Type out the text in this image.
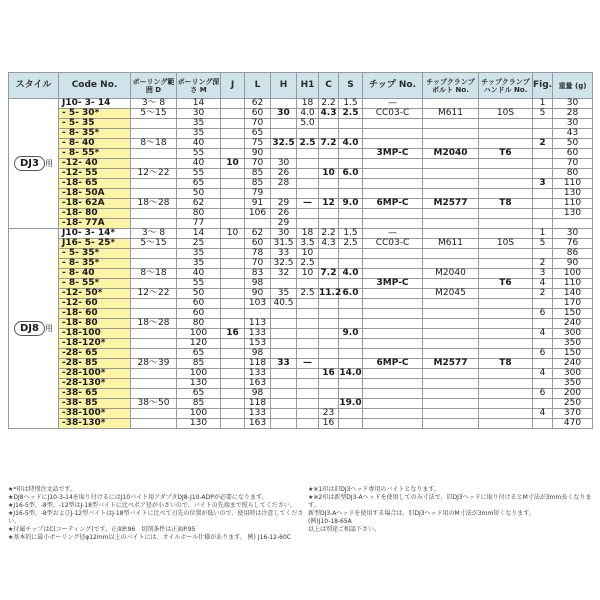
スタイル	Code No.	ボーリング範囲 D	ボーリング深さ M	J	L	H	H1	C	S	チップ No.	チップクランプ ボルト No.	チップクランプ ハンドル No.	Fig.	重量 (g)
DJ3 用	J10- 3- 14	3〜 8	14		62		18	2.2	1.5	—			1	30
	- 5- 30*	5〜15	30		60	30	4.0	4.3	2.5	CC03-C	M611	10S	5	28
	- 5- 35		35		70		5.0							30
	- 8- 35*		35		65									43
	- 8- 40	8〜18	40		75	32.5	2.5	7.2	4.0				2	50
	- 8- 55*		55		90					3MP-C	M2040	T6		60
	-12- 40		40	10	70	30								70
	-12- 55	12〜22	55		85	26		10	6.0					80
	-18- 65		65		85	28							3	110
	-18- 50A		50		79									130
	-18- 62A	18〜28	62		91	29	—	12	9.0	6MP-C	M2577	T8		110
	-18- 80		80		106	26								130
	-18- 77A		77			29								
DJ8 用	J10- 3- 14*	3〜 8	14	10	62	30	18	2.2	1.5	—			1	30
	J16- 5- 25*	5〜15	25		60	31.5	3.5	4.3	2.5	CC03-C	M611	10S	5	76
	- 5- 35*		35		78	33	10							86
	- 8- 35*		35		70	32.5	2.5						2	90
	- 8- 40	8〜18	40		83	32	10	7.2	4.0		M2040		3	100
	- 8- 55*		55		98					3MP-C		T6	4	110
	-12- 50*	12〜22	50		90	35	2.5	11.2	6.0		M2045		2	140
	-12- 60		60		103	40.5								170
	-18- 60		60										6	150
	-18- 80	18〜28	80		113									240
	-18-100		100	16	133				9.0				4	300
	-18-120*		120		153									350
	-28- 65		65		98								6	150
	-28- 85	28〜39	85		118	33	—			6MP-C	M2577	T8		240
	-28-100*		100		133			16	14.0				4	300
	-28-130*		130		163									350
	-38- 65		65		98								6	200
	-38- 85	38〜50	85		118				19.0					250
	-38-100*		100		133			23					4	370
	-38-130*		130		163			16						470
★*印は特別注文品です。
★DJ8ヘッドにJ10-3-14を取り付けるにはJ10バイト用アダプタDJ8-J10-ADPが必要になります。
★J16-5型、-8型、-12型はJ-18型バイトに比べボア径が小さいので、バイトの先端まで照らしてください。
★J16-5型、-8型およびJ-12型バイトはJ-18型バイトに比べて刃先の位置が低いので、使用時は注意してください。
★付属チップはC(コーティング)です。正面P.96　切削条件は正面P.95
★基本的に最小ボーリング径φ12mm以上のバイトには、オイルホール仕様があります。 例) J16-12-60C
★※1印は旧DJ3ヘッド専用のバイトとなります。
★※2印は新型DJ3-Aヘッドを使用してのみ寸法で、旧DJ3ヘッドに取り付けるとM寸法が3mm長くなります。
新型DJ3-Aヘッドを使用する場合は、旧DJ3ヘッド用のM寸法が3mm短くなります。
(例)J10-18-65A
以上は別途ご相談下さい。
